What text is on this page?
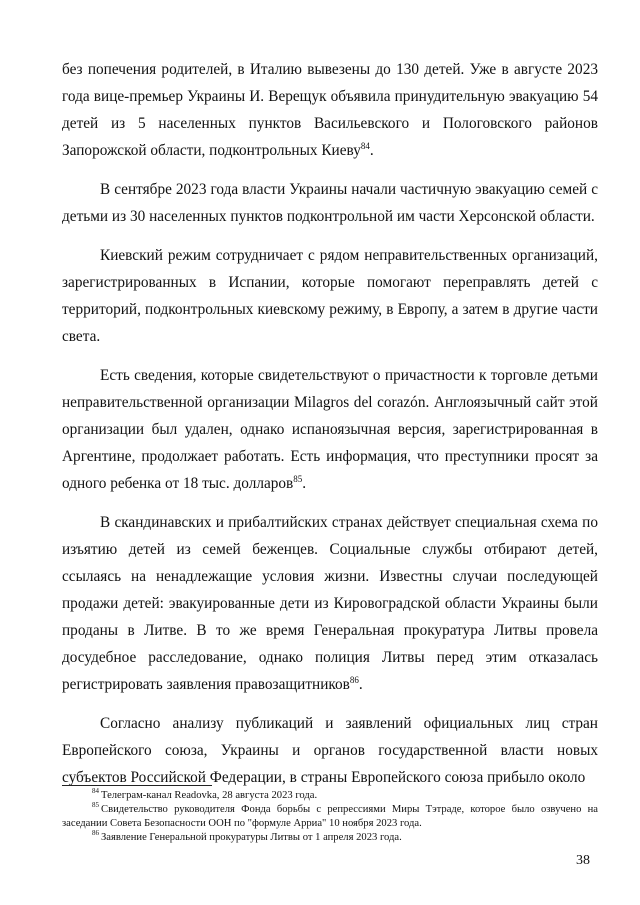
без попечения родителей, в Италию вывезены до 130 детей. Уже в августе 2023 года вице-премьер Украины И. Верещук объявила принудительную эвакуацию 54 детей из 5 населенных пунктов Васильевского и Пологовского районов Запорожской области, подконтрольных Киеву$^{84}$.

В сентябре 2023 года власти Украины начали частичную эвакуацию семей с детьми из 30 населенных пунктов подконтрольной им части Херсонской области.

Киевский режим сотрудничает с рядом неправительственных организаций, зарегистрированных в Испании, которые помогают переправлять детей с территорий, подконтрольных киевскому режиму, в Европу, а затем в другие части света.

Есть сведения, которые свидетельствуют о причастности к торговле детьми неправительственной организации Milagros del corazón. Англоязычный сайт этой организации был удален, однако испаноязычная версия, зарегистрированная в Аргентине, продолжает работать. Есть информация, что преступники просят за одного ребенка от 18 тыс. долларов$^{85}$.

В скандинавских и прибалтийских странах действует специальная схема по изъятию детей из семей беженцев. Социальные службы отбирают детей, ссылаясь на ненадлежащие условия жизни. Известны случаи последующей продажи детей: эвакуированные дети из Кировоградской области Украины были проданы в Литве. В то же время Генеральная прокуратура Литвы провела досудебное расследование, однако полиция Литвы перед этим отказалась регистрировать заявления правозащитников$^{86}$.

Согласно анализу публикаций и заявлений официальных лиц стран Европейского союза, Украины и органов государственной власти новых субъектов Российской Федерации, в страны Европейского союза прибыло около

$^{84}$ Телеграм-канал Readovka, 28 августа 2023 года.

$^{85}$ Свидетельство руководителя Фонда борьбы с репрессиями Миры Тэтраде, которое было озвучено на заседании Совета Безопасности ООН по "формуле Арриа" 10 ноября 2023 года.

$^{86}$ Заявление Генеральной прокуратуры Литвы от 1 апреля 2023 года.

38
